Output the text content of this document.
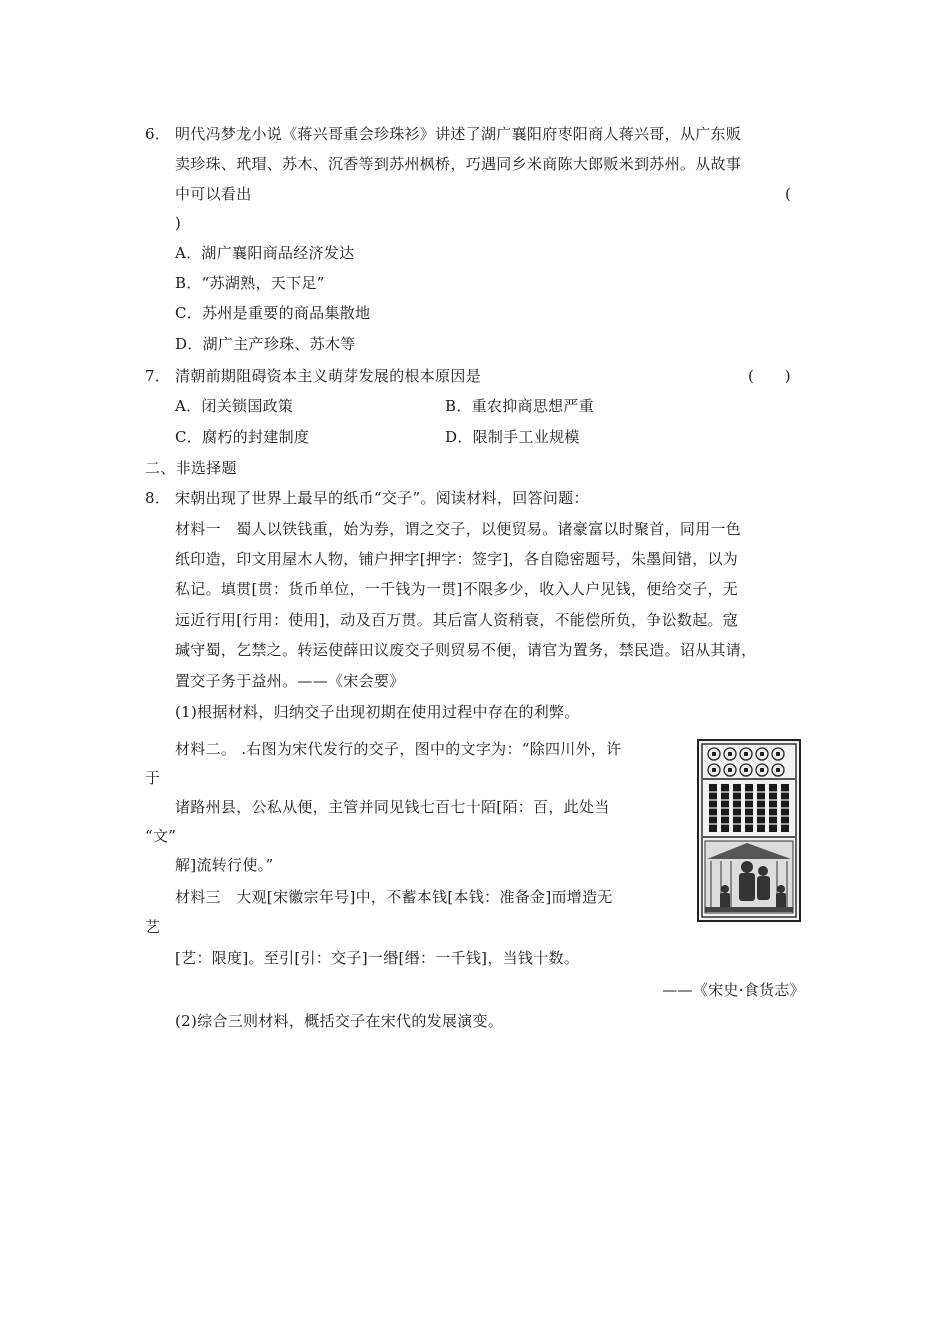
6． 明代冯梦龙小说《蒋兴哥重会珍珠衫》讲述了湖广襄阳府枣阳商人蒋兴哥，从广东贩
卖珍珠、玳瑁、苏木、沉香等到苏州枫桥，巧遇同乡米商陈大郎贩米到苏州。从故事
中可以看出	(
)
A．湖广襄阳商品经济发达
B．“苏湖熟，天下足”
C．苏州是重要的商品集散地
D．湖广主产珍珠、苏木等
7． 清朝前期阻碍资本主义萌芽发展的根本原因是	(　　)
A．闭关锁国政策	B．重农抑商思想严重
C．腐朽的封建制度	D．限制手工业规模
二、非选择题
8． 宋朝出现了世界上最早的纸币“交子”。阅读材料，回答问题：
材料一　蜀人以铁钱重，始为券，谓之交子，以便贸易。诸豪富以时聚首，同用一色
纸印造，印文用屋木人物，铺户押字[押字：签字]，各自隐密题号，朱墨间错，以为
私记。填贯[贯：货币单位，一千钱为一贯]不限多少，收入人户见钱，便给交子，无
远近行用[行用：使用]，动及百万贯。其后富人资稍衰，不能偿所负，争讼数起。寇
瑊守蜀，乞禁之。转运使薛田议废交子则贸易不便，请官为置务，禁民造。诏从其请，
置交子务于益州。——《宋会要》
(1)根据材料，归纳交子出现初期在使用过程中存在的利弊。
材料二。 .右图为宋代发行的交子，图中的文字为：“除四川外，许
于
诸路州县，公私从便，主管并同见钱七百七十陌[陌：百，此处当
“文”
解]流转行使。”
材料三　大观[宋徽宗年号]中，不蓄本钱[本钱：准备金]而增造无
艺
[艺：限度]。至引[引：交子]一缗[缗：一千钱]，当钱十数。
——《宋史·食货志》
(2)综合三则材料，概括交子在宋代的发展演变。
